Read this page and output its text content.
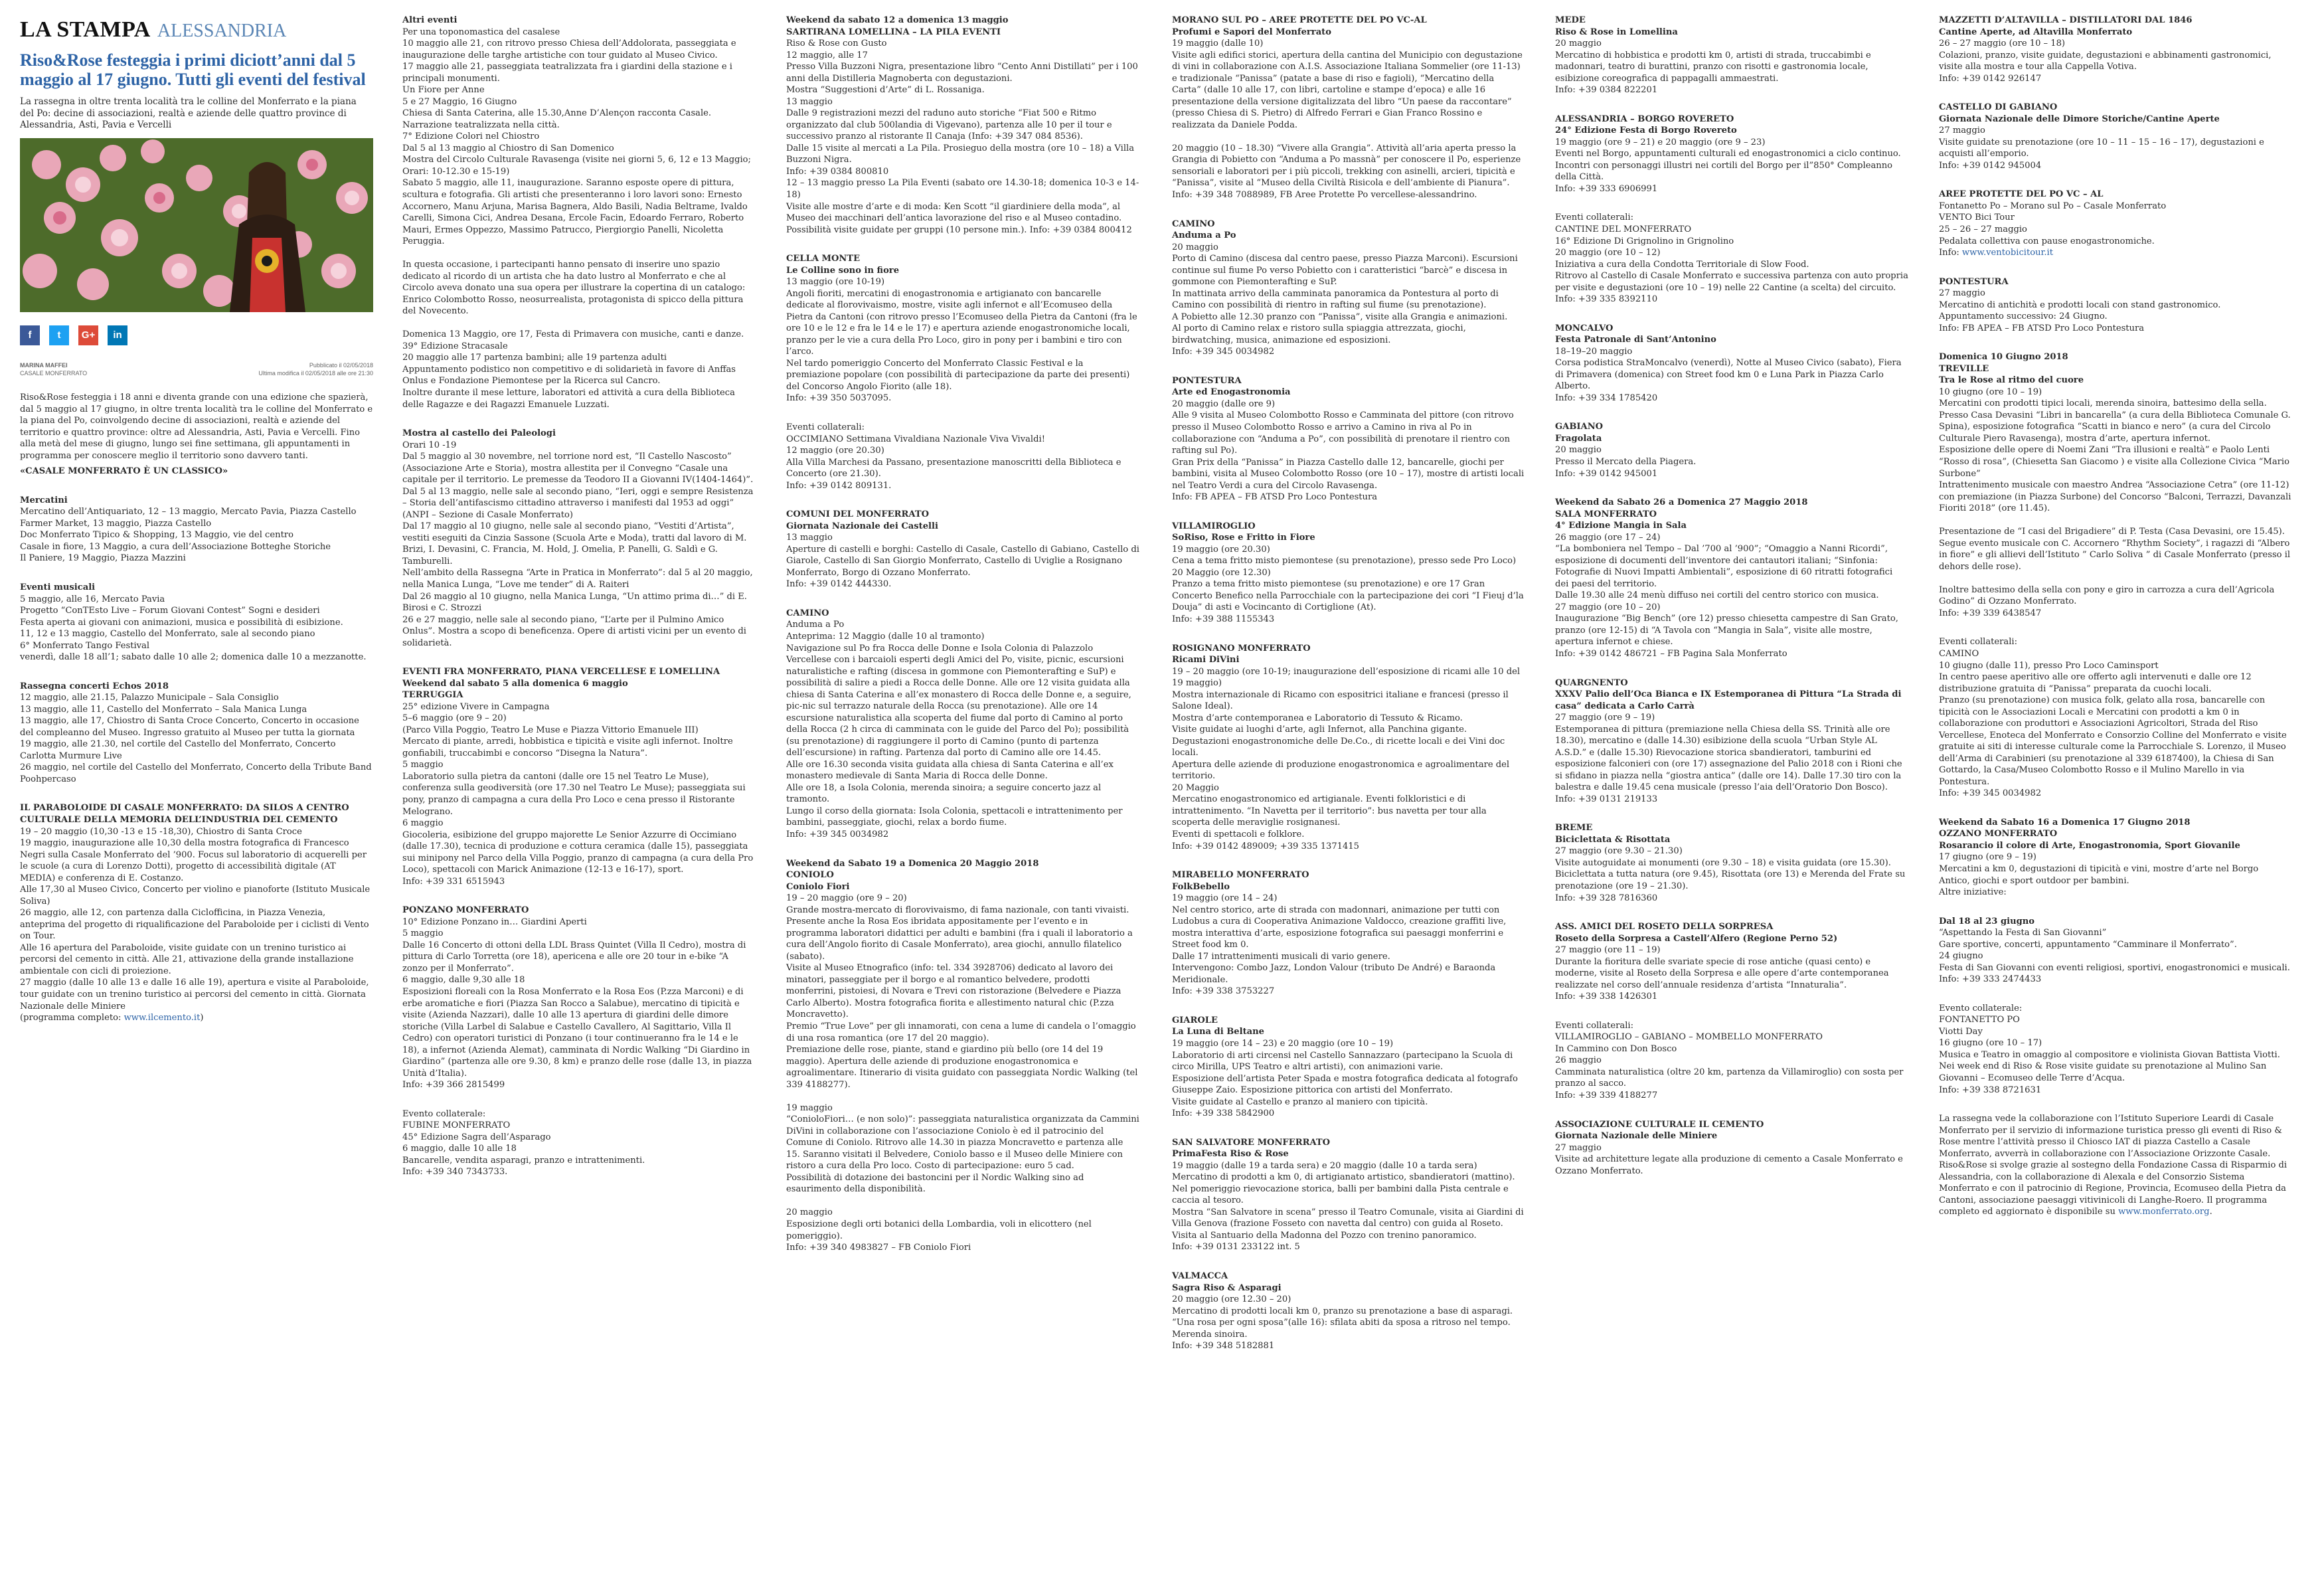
LA STAMPA ALESSANDRIA
Riso&Rose festeggia i primi diciott’anni dal 5 maggio al 17 giugno. Tutti gli eventi del festival
La rassegna in oltre trenta località tra le colline del Monferrato e la piana del Po: decine di associazioni, realtà e aziende delle quattro province di Alessandria, Asti, Pavia e Vercelli
f	t	G+	in
MARINA MAFFEI
CASALE MONFERRATO
Pubblicato il 02/05/2018
Ultima modifica il 02/05/2018 alle ore 21:30

Riso&Rose festeggia i 18 anni e diventa grande con una edizione che spazierà, dal 5 maggio al 17 giugno, in oltre trenta località tra le colline del Monferrato e la piana del Po, coinvolgendo decine di associazioni, realtà e aziende del territorio e quattro province: oltre ad Alessandria, Asti, Pavia e Vercelli. Fino alla metà del mese di giugno, lungo sei fine settimana, gli appuntamenti in programma per conoscere meglio il territorio sono davvero tanti.

«CASALE MONFERRATO È UN CLASSICO»

Mercatini
Mercatino dell’Antiquariato, 12 – 13 maggio, Mercato Pavia, Piazza Castello
Farmer Market, 13 maggio, Piazza Castello
Doc Monferrato Tipico & Shopping, 13 Maggio, vie del centro
Casale in fiore, 13 Maggio, a cura dell’Associazione Botteghe Storiche
Il Paniere, 19 Maggio, Piazza Mazzini
Eventi musicali
5 maggio, alle 16, Mercato Pavia
Progetto “ConTEsto Live – Forum Giovani Contest” Sogni e desideri
Festa aperta ai giovani con animazioni, musica e possibilità di esibizione.
11, 12 e 13 maggio, Castello del Monferrato, sale al secondo piano
6° Monferrato Tango Festival
venerdì, dalle 18 all’1; sabato dalle 10 alle 2; domenica dalle 10 a mezzanotte.
Rassegna concerti Echos 2018
12 maggio, alle 21.15, Palazzo Municipale – Sala Consiglio
13 maggio, alle 11, Castello del Monferrato – Sala Manica Lunga
13 maggio, alle 17, Chiostro di Santa Croce Concerto, Concerto in occasione del compleanno del Museo. Ingresso gratuito al Museo per tutta la giornata
19 maggio, alle 21.30, nel cortile del Castello del Monferrato, Concerto Carlotta Murmure Live
26 maggio, nel cortile del Castello del Monferrato, Concerto della Tribute Band Poohpercaso
IL PARABOLOIDE DI CASALE MONFERRATO: DA SILOS A CENTRO CULTURALE DELLA MEMORIA DELL’INDUSTRIA DEL CEMENTO
19 – 20 maggio (10,30 -13 e 15 -18,30), Chiostro di Santa Croce
19 maggio, inaugurazione alle 10,30 della mostra fotografica di Francesco Negri sulla Casale Monferrato del ’900. Focus sul laboratorio di acquerelli per le scuole (a cura di Lorenzo Dotti), progetto di accessibilità digitale (AT MEDIA) e conferenza di E. Costanzo.
Alle 17,30 al Museo Civico, Concerto per violino e pianoforte (Istituto Musicale Soliva)
26 maggio, alle 12, con partenza dalla Ciclofficina, in Piazza Venezia, anteprima del progetto di riqualificazione del Paraboloide per i ciclisti di Vento on Tour.
Alle 16 apertura del Paraboloide, visite guidate con un trenino turistico ai percorsi del cemento in città. Alle 21, attivazione della grande installazione ambientale con cicli di proiezione.
27 maggio (dalle 10 alle 13 e dalle 16 alle 19), apertura e visite al Paraboloide, tour guidate con un trenino turistico ai percorsi del cemento in città. Giornata Nazionale delle Miniere
(programma completo: www.ilcemento.it)
Altri eventi
Per una toponomastica del casalese
10 maggio alle 21, con ritrovo presso Chiesa dell’Addolorata, passeggiata e inaugurazione delle targhe artistiche con tour guidato al Museo Civico.
17 maggio alle 21, passeggiata teatralizzata fra i giardini della stazione e i principali monumenti.
Un Fiore per Anne
5 e 27 Maggio, 16 Giugno
Chiesa di Santa Caterina, alle 15.30,Anne D’Alençon racconta Casale. Narrazione teatralizzata nella città.
7° Edizione Colori nel Chiostro
Dal 5 al 13 maggio al Chiostro di San Domenico
Mostra del Circolo Culturale Ravasenga (visite nei giorni 5, 6, 12 e 13 Maggio; Orari: 10-12.30 e 15-19)
Sabato 5 maggio, alle 11, inaugurazione. Saranno esposte opere di pittura, scultura e fotografia. Gli artisti che presenteranno i loro lavori sono: Ernesto Accornero, Manu Arjuna, Marisa Bagnera, Aldo Basili, Nadia Beltrame, Ivaldo Carelli, Simona Cici, Andrea Desana, Ercole Facin, Edoardo Ferraro, Roberto Mauri, Ermes Oppezzo, Massimo Patrucco, Piergiorgio Panelli, Nicoletta Peruggia.

In questa occasione, i partecipanti hanno pensato di inserire uno spazio dedicato al ricordo di un artista che ha dato lustro al Monferrato e che al Circolo aveva donato una sua opera per illustrare la copertina di un catalogo: Enrico Colombotto Rosso, neosurrealista, protagonista di spicco della pittura del Novecento.

Domenica 13 Maggio, ore 17, Festa di Primavera con musiche, canti e danze.
39° Edizione Stracasale
20 maggio alle 17 partenza bambini; alle 19 partenza adulti
Appuntamento podistico non competitivo e di solidarietà in favore di Anffas Onlus e Fondazione Piemontese per la Ricerca sul Cancro.
Inoltre durante il mese letture, laboratori ed attività a cura della Biblioteca delle Ragazze e dei Ragazzi Emanuele Luzzati.
Mostra al castello dei Paleologi
Orari 10 -19
Dal 5 maggio al 30 novembre, nel torrione nord est, “Il Castello Nascosto” (Associazione Arte e Storia), mostra allestita per il Convegno “Casale una capitale per il territorio. Le premesse da Teodoro II a Giovanni IV(1404-1464)”.
Dal 5 al 13 maggio, nelle sale al secondo piano, “Ieri, oggi e sempre Resistenza – Storia dell’antifascismo cittadino attraverso i manifesti dal 1953 ad oggi” (ANPI – Sezione di Casale Monferrato)
Dal 17 maggio al 10 giugno, nelle sale al secondo piano, “Vestiti d’Artista”, vestiti eseguiti da Cinzia Sassone (Scuola Arte e Moda), tratti dal lavoro di M. Brizi, I. Devasini, C. Francia, M. Hold, J. Omelia, P. Panelli, G. Saldì e G. Tamburelli.
Nell’ambito della Rassegna “Arte in Pratica in Monferrato”: dal 5 al 20 maggio, nella Manica Lunga, “Love me tender” di A. Raiteri
Dal 26 maggio al 10 giugno, nella Manica Lunga, “Un attimo prima di…” di E. Birosi e C. Strozzi
26 e 27 maggio, nelle sale al secondo piano, “L’arte per il Pulmino Amico Onlus”. Mostra a scopo di beneficenza. Opere di artisti vicini per un evento di solidarietà.
EVENTI FRA MONFERRATO, PIANA VERCELLESE E LOMELLINA
Weekend dal sabato 5 alla domenica 6 maggio
TERRUGGIA
25° edizione Vivere in Campagna
5–6 maggio (ore 9 – 20)
(Parco Villa Poggio, Teatro Le Muse e Piazza Vittorio Emanuele III)
Mercato di piante, arredi, hobbistica e tipicità e visite agli infernot. Inoltre gonfiabili, truccabimbi e concorso “Disegna la Natura”.
5 maggio
Laboratorio sulla pietra da cantoni (dalle ore 15 nel Teatro Le Muse), conferenza sulla geodiversità (ore 17.30 nel Teatro Le Muse); passeggiata sui pony, pranzo di campagna a cura della Pro Loco e cena presso il Ristorante Melograno.
6 maggio
Giocoleria, esibizione del gruppo majorette Le Senior Azzurre di Occimiano (dalle 17.30), tecnica di produzione e cottura ceramica (dalle 15), passeggiata sui minipony nel Parco della Villa Poggio, pranzo di campagna (a cura della Pro Loco), spettacoli con Marick Animazione (12-13 e 16-17), sport.
Info: +39 331 6515943
PONZANO MONFERRATO
10° Edizione Ponzano in… Giardini Aperti
5 maggio
Dalle 16 Concerto di ottoni della LDL Brass Quintet (Villa Il Cedro), mostra di pittura di Carlo Torretta (ore 18), apericena e alle ore 20 tour in e-bike “A zonzo per il Monferrato”.
6 maggio, dalle 9,30 alle 18
Esposizioni floreali con la Rosa Monferrato e la Rosa Eos (P.zza Marconi) e di erbe aromatiche e fiori (Piazza San Rocco a Salabue), mercatino di tipicità e visite (Azienda Nazzari), dalle 10 alle 13 apertura di giardini delle dimore storiche (Villa Larbel di Salabue e Castello Cavallero, Al Sagittario, Villa Il Cedro) con operatori turistici di Ponzano (i tour continueranno fra le 14 e le 18), a infernot (Azienda Alemat), camminata di Nordic Walking “Di Giardino in Giardino” (partenza alle ore 9.30, 8 km) e pranzo delle rose (dalle 13, in piazza Unità d’Italia).
Info: +39 366 2815499
Evento collaterale:
FUBINE MONFERRATO
45° Edizione Sagra dell’Asparago
6 maggio, dalle 10 alle 18
Bancarelle, vendita asparagi, pranzo e intrattenimenti.
Info: +39 340 7343733.
Weekend da sabato 12 a domenica 13 maggio
SARTIRANA LOMELLINA – LA PILA EVENTI
Riso & Rose con Gusto
12 maggio, alle 17
Presso Villa Buzzoni Nigra, presentazione libro “Cento Anni Distillati” per i 100 anni della Distilleria Magnoberta con degustazioni.
Mostra “Suggestioni d’Arte” di L. Rossaniga.
13 maggio
Dalle 9 registrazioni mezzi del raduno auto storiche “Fiat 500 e Ritmo organizzato dal club 500landia di Vigevano), partenza alle 10 per il tour e successivo pranzo al ristorante Il Canaja (Info: +39 347 084 8536).
Dalle 15 visite al mercati a La Pila. Prosieguo della mostra (ore 10 – 18) a Villa Buzzoni Nigra.
Info: +39 0384 800810
12 – 13 maggio presso La Pila Eventi (sabato ore 14.30-18; domenica 10-3 e 14-18)
Visite alle mostre d’arte e di moda: Ken Scott “il giardiniere della moda”, al Museo dei macchinari dell’antica lavorazione del riso e al Museo contadino.
Possibilità visite guidate per gruppi (10 persone min.). Info: +39 0384 800412
CELLA MONTE
Le Colline sono in fiore
13 maggio (ore 10-19)
Angoli fioriti, mercatini di enogastronomia e artigianato con bancarelle dedicate al florovivaismo, mostre, visite agli infernot e all’Ecomuseo della Pietra da Cantoni (con ritrovo presso l’Ecomuseo della Pietra da Cantoni (fra le ore 10 e le 12 e fra le 14 e le 17) e apertura aziende enogastronomiche locali, pranzo per le vie a cura della Pro Loco, giro in pony per i bambini e tiro con l’arco.
Nel tardo pomeriggio Concerto del Monferrato Classic Festival e la premiazione popolare (con possibilità di partecipazione da parte dei presenti) del Concorso Angolo Fiorito (alle 18).
Info: +39 350 5037095.
Eventi collaterali:
OCCIMIANO Settimana Vivaldiana Nazionale Viva Vivaldi!
12 maggio (ore 20.30)
Alla Villa Marchesi da Passano, presentazione manoscritti della Biblioteca e Concerto (ore 21.30).
Info: +39 0142 809131.
COMUNI DEL MONFERRATO
Giornata Nazionale dei Castelli
13 maggio
Aperture di castelli e borghi: Castello di Casale, Castello di Gabiano, Castello di Giarole, Castello di San Giorgio Monferrato, Castello di Uviglie a Rosignano Monferrato, Borgo di Ozzano Monferrato.
Info: +39 0142 444330.
CAMINO
Anduma a Po
Anteprima: 12 Maggio (dalle 10 al tramonto)
Navigazione sul Po fra Rocca delle Donne e Isola Colonia di Palazzolo Vercellese con i barcaioli esperti degli Amici del Po, visite, picnic, escursioni naturalistiche e rafting (discesa in gommone con Piemonterafting e SuP) e possibilità di salire a piedi a Rocca delle Donne. Alle ore 12 visita guidata alla chiesa di Santa Caterina e all’ex monastero di Rocca delle Donne e, a seguire, pic-nic sul terrazzo naturale della Rocca (su prenotazione). Alle ore 14 escursione naturalistica alla scoperta del fiume dal porto di Camino al porto della Rocca (2 h circa di camminata con le guide del Parco del Po); possibilità (su prenotazione) di raggiungere il porto di Camino (punto di partenza dell’escursione) in rafting. Partenza dal porto di Camino alle ore 14.45.
Alle ore 16.30 seconda visita guidata alla chiesa di Santa Caterina e all’ex monastero medievale di Santa Maria di Rocca delle Donne.
Alle ore 18, a Isola Colonia, merenda sinoira; a seguire concerto jazz al tramonto.
Lungo il corso della giornata: Isola Colonia, spettacoli e intrattenimento per bambini, passeggiate, giochi, relax a bordo fiume.
Info: +39 345 0034982
Weekend da Sabato 19 a Domenica 20 Maggio 2018
CONIOLO
Coniolo Fiori
19 – 20 maggio (ore 9 – 20)
Grande mostra-mercato di florovivaismo, di fama nazionale, con tanti vivaisti. Presente anche la Rosa Eos ibridata appositamente per l’evento e in programma laboratori didattici per adulti e bambini (fra i quali il laboratorio a cura dell’Angolo fiorito di Casale Monferrato), area giochi, annullo filatelico (sabato).
Visite al Museo Etnografico (info: tel. 334 3928706) dedicato al lavoro dei minatori, passeggiate per il borgo e al romantico belvedere, prodotti monferrini, pistoiesi, di Novara e Trevi con ristorazione (Belvedere e Piazza Carlo Alberto). Mostra fotografica fiorita e allestimento natural chic (P.zza Moncravetto).
Premio “True Love” per gli innamorati, con cena a lume di candela o l’omaggio di una rosa romantica (ore 17 del 20 maggio).
Premiazione delle rose, piante, stand e giardino più bello (ore 14 del 19 maggio). Apertura delle aziende di produzione enogastronomica e agroalimentare. Itinerario di visita guidato con passeggiata Nordic Walking (tel 339 4188277).

19 maggio
“ConioloFiori… (e non solo)”: passeggiata naturalistica organizzata da Cammini DiVini in collaborazione con l’associazione Coniolo è ed il patrocinio del Comune di Coniolo. Ritrovo alle 14.30 in piazza Moncravetto e partenza alle 15. Saranno visitati il Belvedere, Coniolo basso e il Museo delle Miniere con ristoro a cura della Pro loco. Costo di partecipazione: euro 5 cad.
Possibilità di dotazione dei bastoncini per il Nordic Walking sino ad esaurimento della disponibilità.

20 maggio
Esposizione degli orti botanici della Lombardia, voli in elicottero (nel pomeriggio).
Info: +39 340 4983827 – FB Coniolo Fiori
MORANO SUL PO – AREE PROTETTE DEL PO VC-AL
Profumi e Sapori del Monferrato
19 maggio (dalle 10)
Visite agli edifici storici, apertura della cantina del Municipio con degustazione di vini in collaborazione con A.I.S. Associazione Italiana Sommelier (ore 11-13) e tradizionale “Panissa” (patate a base di riso e fagioli), “Mercatino della Carta” (dalle 10 alle 17, con libri, cartoline e stampe d’epoca) e alle 16 presentazione della versione digitalizzata del libro “Un paese da raccontare” (presso Chiesa di S. Pietro) di Alfredo Ferrari e Gian Franco Rossino e realizzata da Daniele Podda.

20 maggio (10 – 18.30) “Vivere alla Grangia”. Attività all’aria aperta presso la Grangia di Pobietto con “Anduma a Po massnà” per conoscere il Po, esperienze sensoriali e laboratori per i più piccoli, trekking con asinelli, arcieri, tipicità e “Panissa”, visite al “Museo della Civiltà Risicola e dell’ambiente di Pianura”.
Info: +39 348 7088989, FB Aree Protette Po vercellese-alessandrino.
CAMINO
Anduma a Po
20 maggio
Porto di Camino (discesa dal centro paese, presso Piazza Marconi). Escursioni continue sul fiume Po verso Pobietto con i caratteristici “barcè” e discesa in gommone con Piemonterafting e SuP.
In mattinata arrivo della camminata panoramica da Pontestura al porto di Camino con possibilità di rientro in rafting sul fiume (su prenotazione).
A Pobietto alle 12.30 pranzo con “Panissa”, visite alla Grangia e animazioni.
Al porto di Camino relax e ristoro sulla spiaggia attrezzata, giochi, birdwatching, musica, animazione ed esposizioni.
Info: +39 345 0034982
PONTESTURA
Arte ed Enogastronomia
20 maggio (dalle ore 9)
Alle 9 visita al Museo Colombotto Rosso e Camminata del pittore (con ritrovo presso il Museo Colombotto Rosso e arrivo a Camino in riva al Po in collaborazione con “Anduma a Po”, con possibilità di prenotare il rientro con rafting sul Po).
Gran Prix della “Panissa” in Piazza Castello dalle 12, bancarelle, giochi per bambini, visita al Museo Colombotto Rosso (ore 10 – 17), mostre di artisti locali nel Teatro Verdi a cura del Circolo Ravasenga.
Info: FB APEA – FB ATSD Pro Loco Pontestura
VILLAMIROGLIO
SoRiso, Rose e Fritto in Fiore
19 maggio (ore 20.30)
Cena a tema fritto misto piemontese (su prenotazione), presso sede Pro Loco)
20 Maggio (ore 12.30)
Pranzo a tema fritto misto piemontese (su prenotazione) e ore 17 Gran Concerto Benefico nella Parrocchiale con la partecipazione dei cori “I Fieuj d’la Douja” di asti e Vocincanto di Cortiglione (At).
Info: +39 388 1155343
ROSIGNANO MONFERRATO
Ricami DiVini
19 – 20 maggio (ore 10-19; inaugurazione dell’esposizione di ricami alle 10 del 19 maggio)
Mostra internazionale di Ricamo con espositrici italiane e francesi (presso il Salone Ideal).
Mostra d’arte contemporanea e Laboratorio di Tessuto & Ricamo.
Visite guidate ai luoghi d’arte, agli Infernot, alla Panchina gigante.
Degustazioni enogastronomiche delle De.Co., di ricette locali e dei Vini doc locali.
Apertura delle aziende di produzione enogastronomica e agroalimentare del territorio.
20 Maggio
Mercatino enogastronomico ed artigianale. Eventi folkloristici e di intrattenimento. “In Navetta per il territorio”: bus navetta per tour alla scoperta delle meraviglie rosignanesi.
Eventi di spettacoli e folklore.
Info: +39 0142 489009; +39 335 1371415
MIRABELLO MONFERRATO
FolkBebello
19 maggio (ore 14 – 24)
Nel centro storico, arte di strada con madonnari, animazione per tutti con Ludobus a cura di Cooperativa Animazione Valdocco, creazione graffiti live, mostra interattiva d’arte, esposizione fotografica sui paesaggi monferrini e Street food km 0.
Dalle 17 intrattenimenti musicali di vario genere.
Intervengono: Combo Jazz, London Valour (tributo De André) e Baraonda Meridionale.
Info: +39 338 3753227
GIAROLE
La Luna di Beltane
19 maggio (ore 14 – 23) e 20 maggio (ore 10 – 19)
Laboratorio di arti circensi nel Castello Sannazzaro (partecipano la Scuola di circo Mirilla, UPS Teatro e altri artisti), con animazioni varie.
Esposizione dell’artista Peter Spada e mostra fotografica dedicata al fotografo Giuseppe Zaio. Esposizione pittorica con artisti del Monferrato.
Visite guidate al Castello e pranzo al maniero con tipicità.
Info: +39 338 5842900
SAN SALVATORE MONFERRATO
PrimaFesta Riso & Rose
19 maggio (dalle 19 a tarda sera) e 20 maggio (dalle 10 a tarda sera)
Mercatino di prodotti a km 0, di artigianato artistico, sbandieratori (mattino).
Nel pomeriggio rievocazione storica, balli per bambini dalla Pista centrale e caccia al tesoro.
Mostra “San Salvatore in scena” presso il Teatro Comunale, visita ai Giardini di Villa Genova (frazione Fosseto con navetta dal centro) con guida al Roseto.
Visita al Santuario della Madonna del Pozzo con trenino panoramico.
Info: +39 0131 233122 int. 5
VALMACCA
Sagra Riso & Asparagi
20 maggio (ore 12.30 – 20)
Mercatino di prodotti locali km 0, pranzo su prenotazione a base di asparagi.
“Una rosa per ogni sposa”(alle 16): sfilata abiti da sposa a ritroso nel tempo.
Merenda sinoira.
Info: +39 348 5182881
MEDE
Riso & Rose in Lomellina
20 maggio
Mercatino di hobbistica e prodotti km 0, artisti di strada, truccabimbi e madonnari, teatro di burattini, pranzo con risotti e gastronomia locale, esibizione coreografica di pappagalli ammaestrati.
Info: +39 0384 822201
ALESSANDRIA – BORGO ROVERETO
24° Edizione Festa di Borgo Rovereto
19 maggio (ore 9 – 21) e 20 maggio (ore 9 – 23)
Eventi nel Borgo, appuntamenti culturali ed enogastronomici a ciclo continuo.
Incontri con personaggi illustri nei cortili del Borgo per il”850° Compleanno della Città.
Info: +39 333 6906991
Eventi collaterali:
CANTINE DEL MONFERRATO
16° Edizione Di Grignolino in Grignolino
20 maggio (ore 10 – 12)
Iniziativa a cura della Condotta Territoriale di Slow Food.
Ritrovo al Castello di Casale Monferrato e successiva partenza con auto propria per visite e degustazioni (ore 10 – 19) nelle 22 Cantine (a scelta) del circuito.
Info: +39 335 8392110
MONCALVO
Festa Patronale di Sant’Antonino
18–19–20 maggio
Corsa podistica StraMoncalvo (venerdì), Notte al Museo Civico (sabato), Fiera di Primavera (domenica) con Street food km 0 e Luna Park in Piazza Carlo Alberto.
Info: +39 334 1785420
GABIANO
Fragolata
20 maggio
Presso il Mercato della Piagera.
Info: +39 0142 945001
Weekend da Sabato 26 a Domenica 27 Maggio 2018
SALA MONFERRATO
4° Edizione Mangia in Sala
26 maggio (ore 17 – 24)
“La bomboniera nel Tempo – Dal ’700 al ’900”; “Omaggio a Nanni Ricordi”, esposizione di documenti dell’inventore dei cantautori italiani; “Sinfonia: Fotografie di Nuovi Impatti Ambientali”, esposizione di 60 ritratti fotografici dei paesi del territorio.
Dalle 19.30 alle 24 menù diffuso nei cortili del centro storico con musica.
27 maggio (ore 10 – 20)
Inaugurazione “Big Bench” (ore 12) presso chiesetta campestre di San Grato, pranzo (ore 12-15) di “A Tavola con “Mangia in Sala”, visite alle mostre, apertura infernot e chiese.
Info: +39 0142 486721 – FB Pagina Sala Monferrato
QUARGNENTO
XXXV Palio dell’Oca Bianca e IX Estemporanea di Pittura “La Strada di casa” dedicata a Carlo Carrà
27 maggio (ore 9 – 19)
Estemporanea di pittura (premiazione nella Chiesa della SS. Trinità alle ore 18.30), mercatino e (dalle 14.30) esibizione della scuola “Urban Style AL A.S.D.” e (dalle 15.30) Rievocazione storica sbandieratori, tamburini ed esposizione falconieri con (ore 17) assegnazione del Palio 2018 con i Rioni che si sfidano in piazza nella “giostra antica” (dalle ore 14). Dalle 17.30 tiro con la balestra e dalle 19.45 cena musicale (presso l’aia dell’Oratorio Don Bosco).
Info: +39 0131 219133
BREME
Biciclettata & Risottata
27 maggio (ore 9.30 – 21.30)
Visite autoguidate ai monumenti (ore 9.30 – 18) e visita guidata (ore 15.30).
Biciclettata a tutta natura (ore 9.45), Risottata (ore 13) e Merenda del Frate su prenotazione (ore 19 – 21.30).
Info: +39 328 7816360
ASS. AMICI DEL ROSETO DELLA SORPRESA
Roseto della Sorpresa a Castell’Alfero (Regione Perno 52)
27 maggio (ore 11 – 19)
Durante la fioritura delle svariate specie di rose antiche (quasi cento) e moderne, visite al Roseto della Sorpresa e alle opere d’arte contemporanea realizzate nel corso dell’annuale residenza d’artista “Innaturalia”.
Info: +39 338 1426301
Eventi collaterali:
VILLAMIROGLIO – GABIANO – MOMBELLO MONFERRATO
In Cammino con Don Bosco
26 maggio
Camminata naturalistica (oltre 20 km, partenza da Villamiroglio) con sosta per pranzo al sacco.
Info: +39 339 4188277
ASSOCIAZIONE CULTURALE IL CEMENTO
Giornata Nazionale delle Miniere
27 maggio
Visite ad architetture legate alla produzione di cemento a Casale Monferrato e Ozzano Monferrato.
MAZZETTI D’ALTAVILLA – DISTILLATORI DAL 1846
Cantine Aperte, ad Altavilla Monferrato
26 – 27 maggio (ore 10 – 18)
Colazioni, pranzo, visite guidate, degustazioni e abbinamenti gastronomici, visite alla mostra e tour alla Cappella Votiva.
Info: +39 0142 926147
CASTELLO DI GABIANO
Giornata Nazionale delle Dimore Storiche/Cantine Aperte
27 maggio
Visite guidate su prenotazione (ore 10 – 11 – 15 – 16 – 17), degustazioni e acquisti all’emporio.
Info: +39 0142 945004
AREE PROTETTE DEL PO VC – AL
Fontanetto Po – Morano sul Po – Casale Monferrato
VENTO Bici Tour
25 – 26 – 27 maggio
Pedalata collettiva con pause enogastronomiche.
Info: www.ventobicitour.it
PONTESTURA
27 maggio
Mercatino di antichità e prodotti locali con stand gastronomico.
Appuntamento successivo: 24 Giugno.
Info: FB APEA – FB ATSD Pro Loco Pontestura
Domenica 10 Giugno 2018
TREVILLE
Tra le Rose al ritmo del cuore
10 giugno (ore 10 – 19)
Mercatini con prodotti tipici locali, merenda sinoira, battesimo della sella.
Presso Casa Devasini “Libri in bancarella” (a cura della Biblioteca Comunale G. Spina), esposizione fotografica “Scatti in bianco e nero” (a cura del Circolo Culturale Piero Ravasenga), mostra d’arte, apertura infernot.
Esposizione delle opere di Noemi Zani “Tra illusioni e realtà” e Paolo Lenti “Rosso di rosa”, (Chiesetta San Giacomo ) e visite alla Collezione Civica “Mario Surbone”
Intrattenimento musicale con maestro Andrea “Associazione Cetra” (ore 11-12) con premiazione (in Piazza Surbone) del Concorso “Balconi, Terrazzi, Davanzali Fioriti 2018” (ore 11.45).

Presentazione de “I casi del Brigadiere” di P. Testa (Casa Devasini, ore 15.45). Segue evento musicale con C. Accornero “Rhythm Society”, i ragazzi di “Albero in fiore” e gli allievi dell’Istituto ” Carlo Soliva ” di Casale Monferrato (presso il dehors delle rose).

Inoltre battesimo della sella con pony e giro in carrozza a cura dell’Agricola Godino” di Ozzano Monferrato.
Info: +39 339 6438547
Eventi collaterali:
CAMINO
10 giugno (dalle 11), presso Pro Loco Caminsport
In centro paese aperitivo alle ore offerto agli intervenuti e dalle ore 12 distribuzione gratuita di “Panissa” preparata da cuochi locali.
Pranzo (su prenotazione) con musica folk, gelato alla rosa, bancarelle con tipicità con le Associazioni Locali e Mercatini con prodotti a km 0 in collaborazione con produttori e Associazioni Agricoltori, Strada del Riso Vercellese, Enoteca del Monferrato e Consorzio Colline del Monferrato e visite gratuite ai siti di interesse culturale come la Parrocchiale S. Lorenzo, il Museo dell’Arma di Carabinieri (su prenotazione al 339 6187400), la Chiesa di San Gottardo, la Casa/Museo Colombotto Rosso e il Mulino Marello in via Pontestura.
Info: +39 345 0034982
Weekend da Sabato 16 a Domenica 17 Giugno 2018
OZZANO MONFERRATO
Rosarancio il colore di Arte, Enogastronomia, Sport Giovanile
17 giugno (ore 9 – 19)
Mercatini a km 0, degustazioni di tipicità e vini, mostre d’arte nel Borgo Antico, giochi e sport outdoor per bambini.
Altre iniziative:
Dal 18 al 23 giugno
“Aspettando la Festa di San Giovanni”
Gare sportive, concerti, appuntamento “Camminare il Monferrato”.
24 giugno
Festa di San Giovanni con eventi religiosi, sportivi, enogastronomici e musicali.
Info: +39 333 2474433
Evento collaterale:
FONTANETTO PO
Viotti Day
16 giugno (ore 10 – 17)
Musica e Teatro in omaggio al compositore e violinista Giovan Battista Viotti.
Nei week end di Riso & Rose visite guidate su prenotazione al Mulino San Giovanni – Ecomuseo delle Terre d’Acqua.
Info: +39 338 8721631
La rassegna vede la collaborazione con l’Istituto Superiore Leardi di Casale Monferrato per il servizio di informazione turistica presso gli eventi di Riso & Rose mentre l’attività presso il Chiosco IAT di piazza Castello a Casale Monferrato, avverrà in collaborazione con l’Associazione Orizzonte Casale.
Riso&Rose si svolge grazie al sostegno della Fondazione Cassa di Risparmio di Alessandria, con la collaborazione di Alexala e del Consorzio Sistema Monferrato e con il patrocinio di Regione, Provincia, Ecomuseo della Pietra da Cantoni, associazione paesaggi vitivinicoli di Langhe-Roero. Il programma completo ed aggiornato è disponibile su www.monferrato.org.
